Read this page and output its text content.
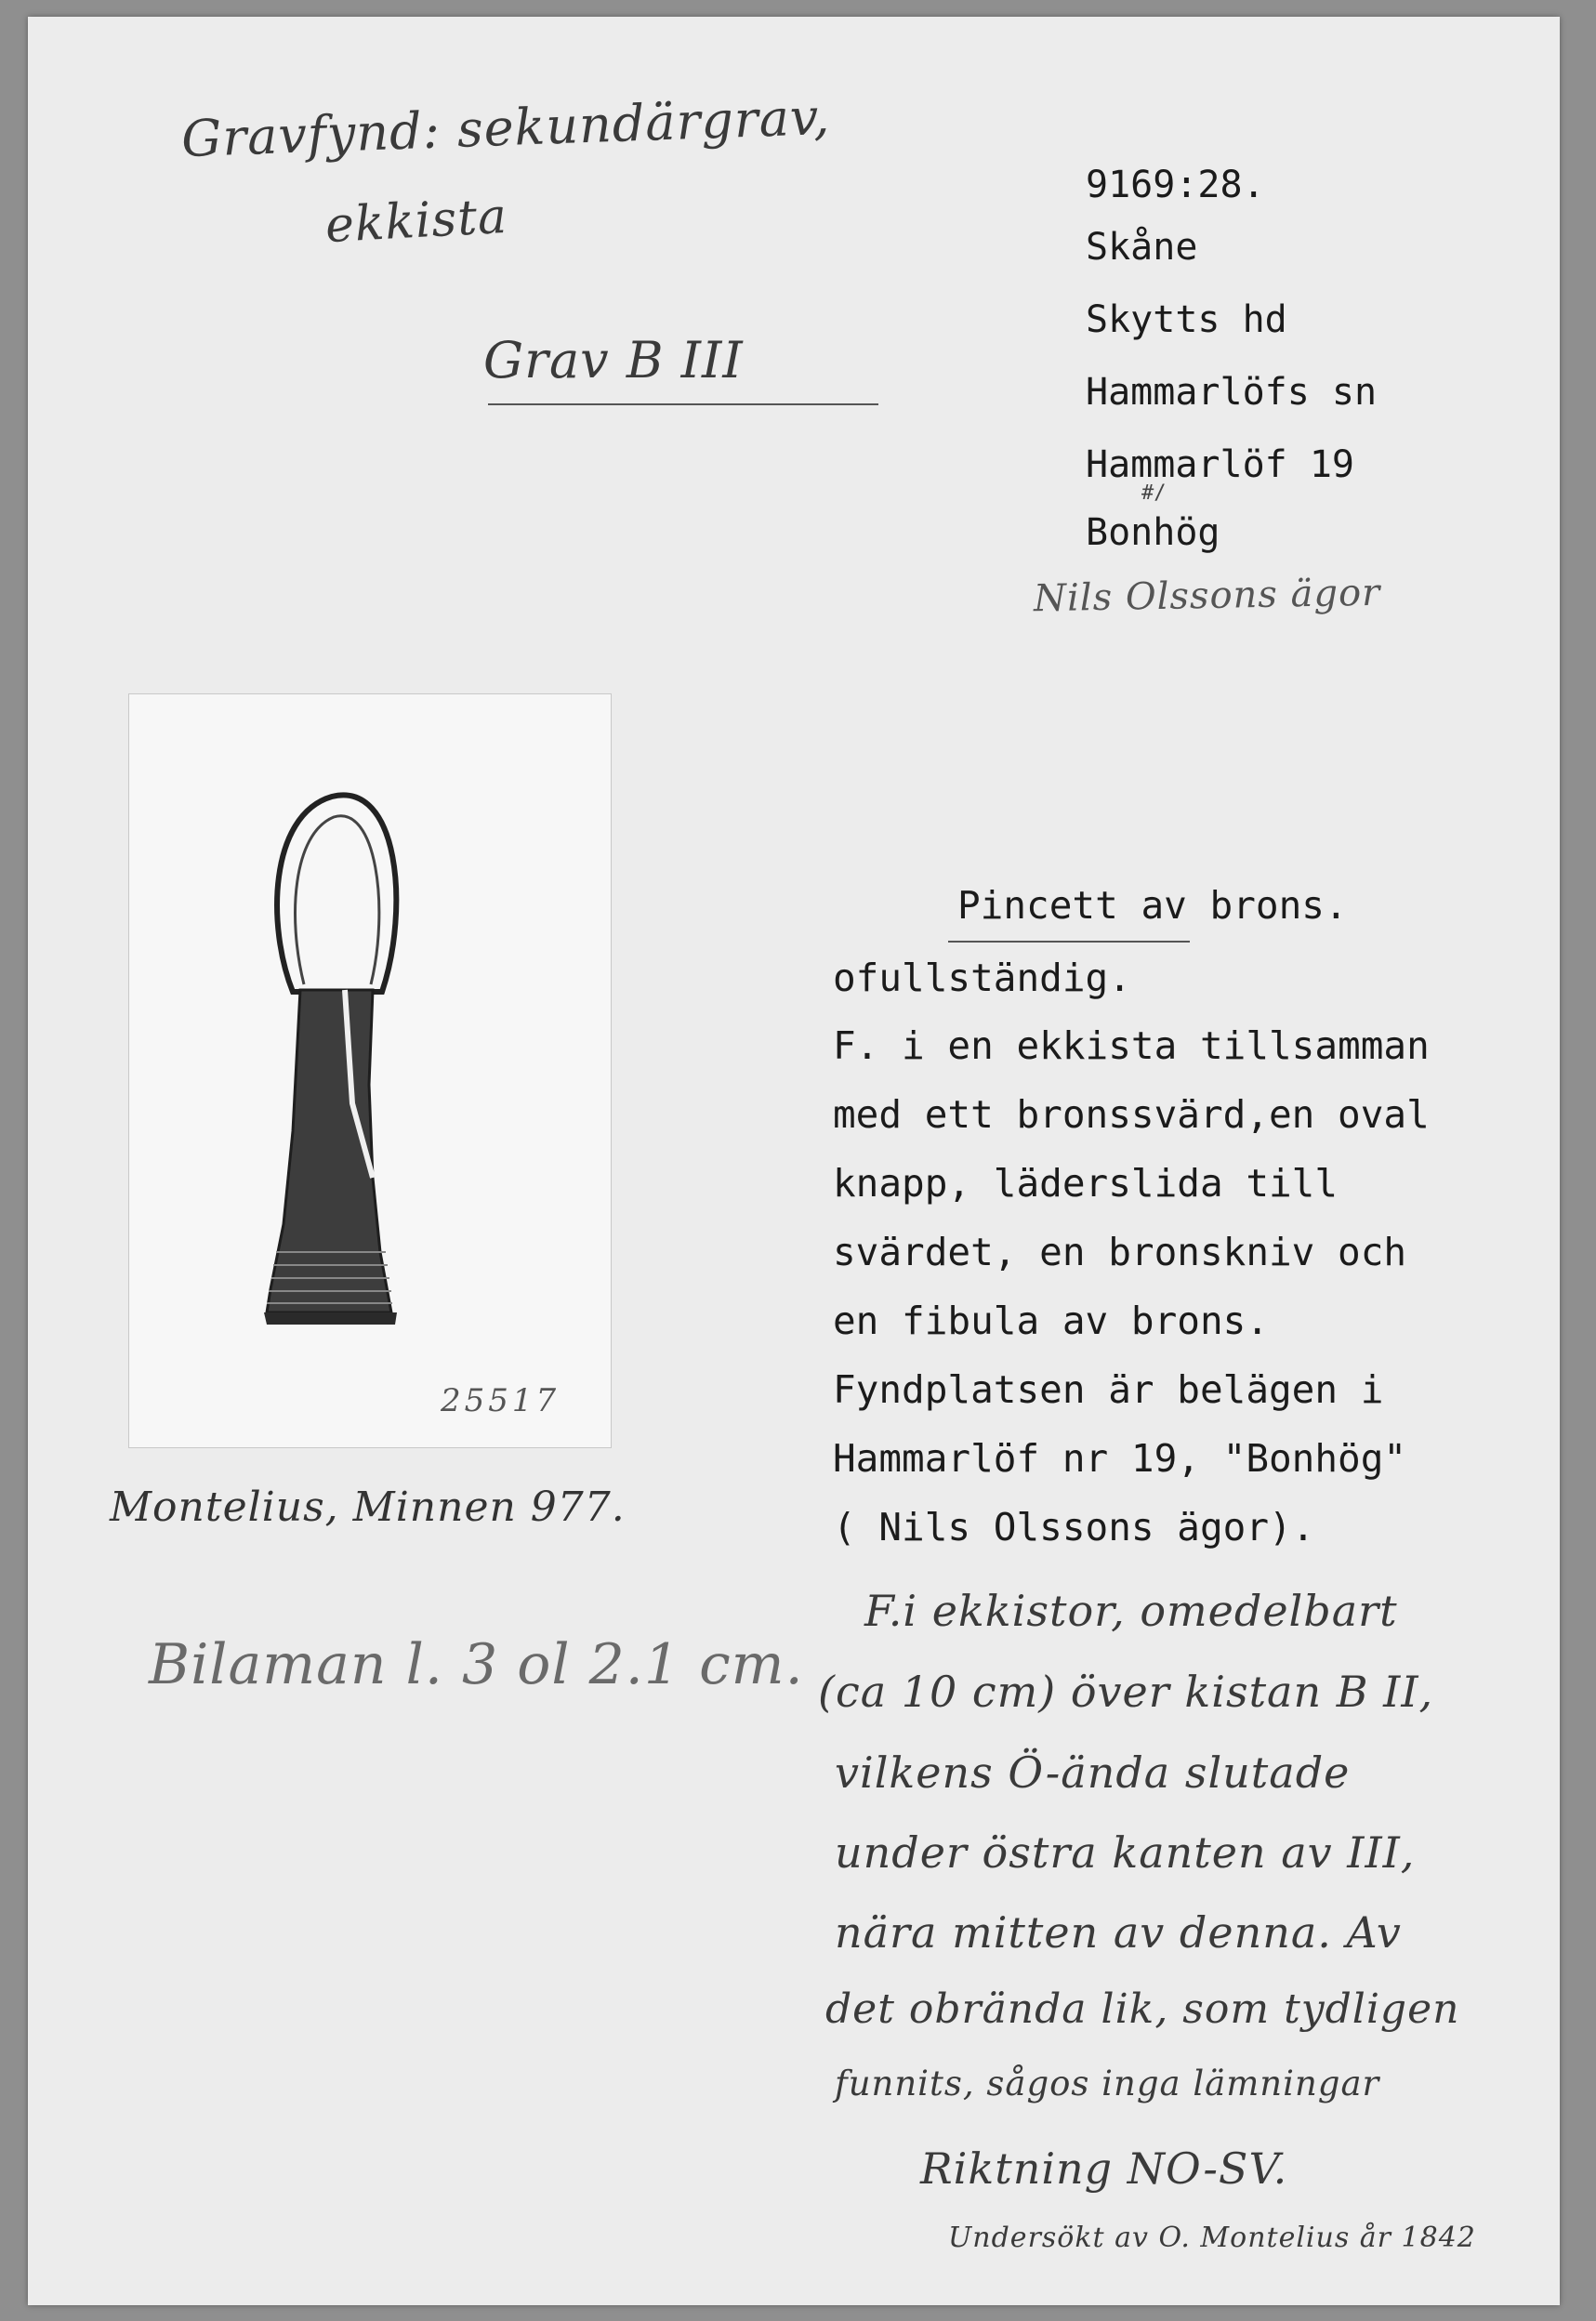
Gravfynd: sekundärgrav,
ekkista
Grav B III
9169:28.
Skåne
Skytts hd
Hammarlöfs sn
Hammarlöf 19
#/
Bonhög
Nils Olssons ägor
25517
Montelius, Minnen 977.
Bilaman l. 3 ol 2.1 cm.
Pincett av brons.
ofullständig.
F. i en ekkista tillsamman
med ett bronssvärd,en oval
knapp, läderslida till
svärdet, en bronskniv och
en fibula av brons.
Fyndplatsen är belägen i
Hammarlöf nr 19, "Bonhög"
( Nils Olssons ägor).
F.i ekkistor, omedelbart
(ca 10 cm) över kistan B II,
vilkens Ö-ända slutade
under östra kanten av III,
nära mitten av denna. Av
det obrända lik, som tydligen
funnits, sågos inga lämningar
Riktning NO-SV.
Undersökt av O. Montelius år 1842
